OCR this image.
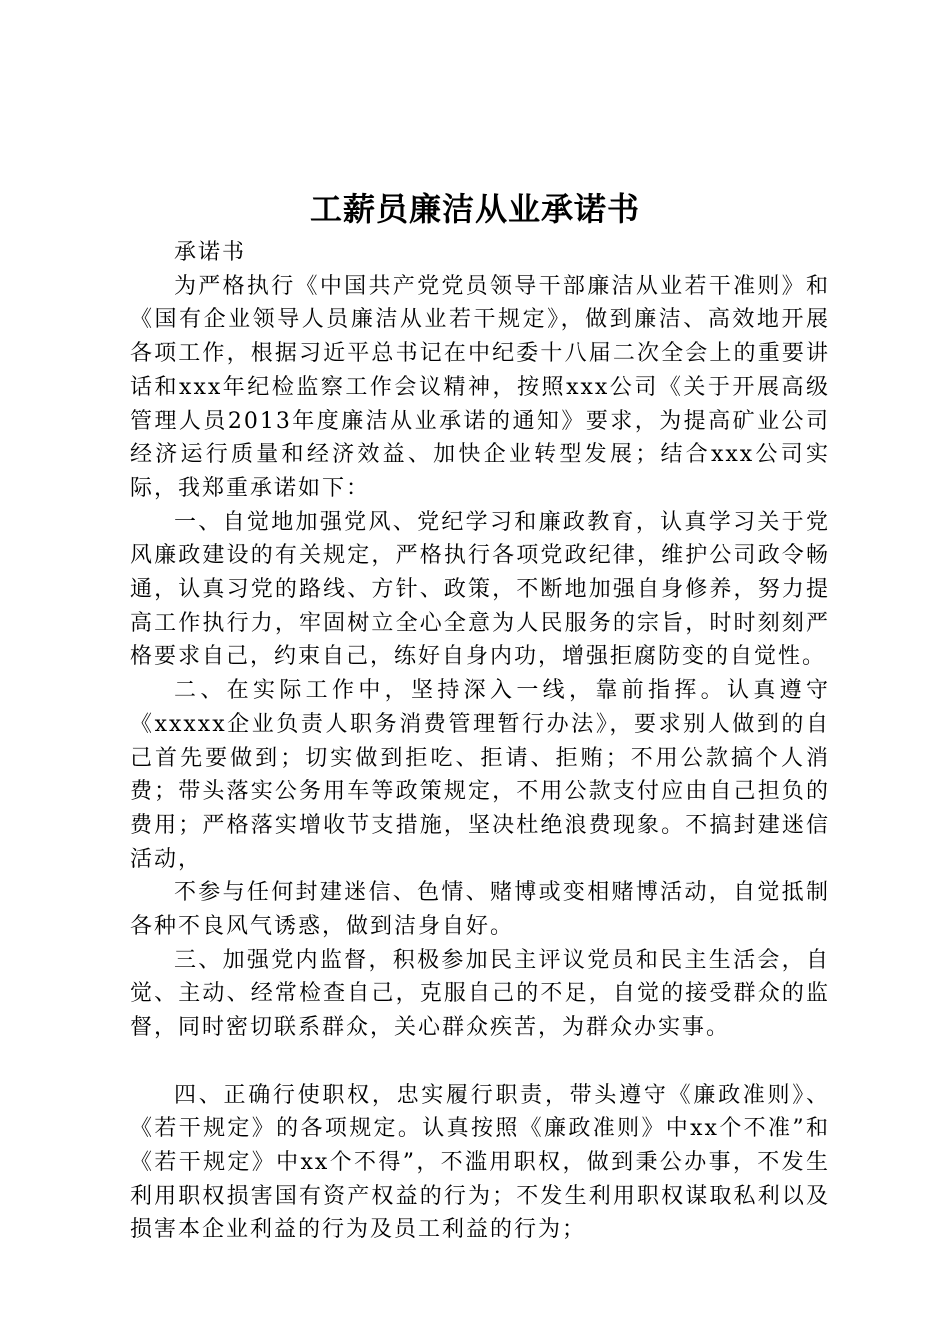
工薪员廉洁从业承诺书

承诺书

为严格执行《中国共产党党员领导干部廉洁从业若干准则》和《国有企业领导人员廉洁从业若干规定》，做到廉洁、高效地开展各项工作，根据习近平总书记在中纪委十八届二次全会上的重要讲话和xxx年纪检监察工作会议精神，按照xxx公司《关于开展高级管理人员2013年度廉洁从业承诺的通知》要求，为提高矿业公司经济运行质量和经济效益、加快企业转型发展；结合xxx公司实际，我郑重承诺如下：

一、自觉地加强党风、党纪学习和廉政教育，认真学习关于党风廉政建设的有关规定，严格执行各项党政纪律，维护公司政令畅通，认真习党的路线、方针、政策，不断地加强自身修养，努力提高工作执行力，牢固树立全心全意为人民服务的宗旨，时时刻刻严格要求自己，约束自己，练好自身内功，增强拒腐防变的自觉性。

二、在实际工作中，坚持深入一线，靠前指挥。认真遵守《xxxxx企业负责人职务消费管理暂行办法》，要求别人做到的自己首先要做到；切实做到拒吃、拒请、拒贿；不用公款搞个人消费；带头落实公务用车等政策规定，不用公款支付应由自己担负的费用；严格落实增收节支措施，坚决杜绝浪费现象。不搞封建迷信活动，

不参与任何封建迷信、色情、赌博或变相赌博活动，自觉抵制各种不良风气诱惑，做到洁身自好。

三、加强党内监督，积极参加民主评议党员和民主生活会，自觉、主动、经常检查自己，克服自己的不足，自觉的接受群众的监督，同时密切联系群众，关心群众疾苦，为群众办实事。

四、正确行使职权，忠实履行职责，带头遵守《廉政准则》、《若干规定》的各项规定。认真按照《廉政准则》中xx个不准”和《若干规定》中xx个不得”，不滥用职权，做到秉公办事，不发生利用职权损害国有资产权益的行为；不发生利用职权谋取私利以及损害本企业利益的行为及员工利益的行为；
